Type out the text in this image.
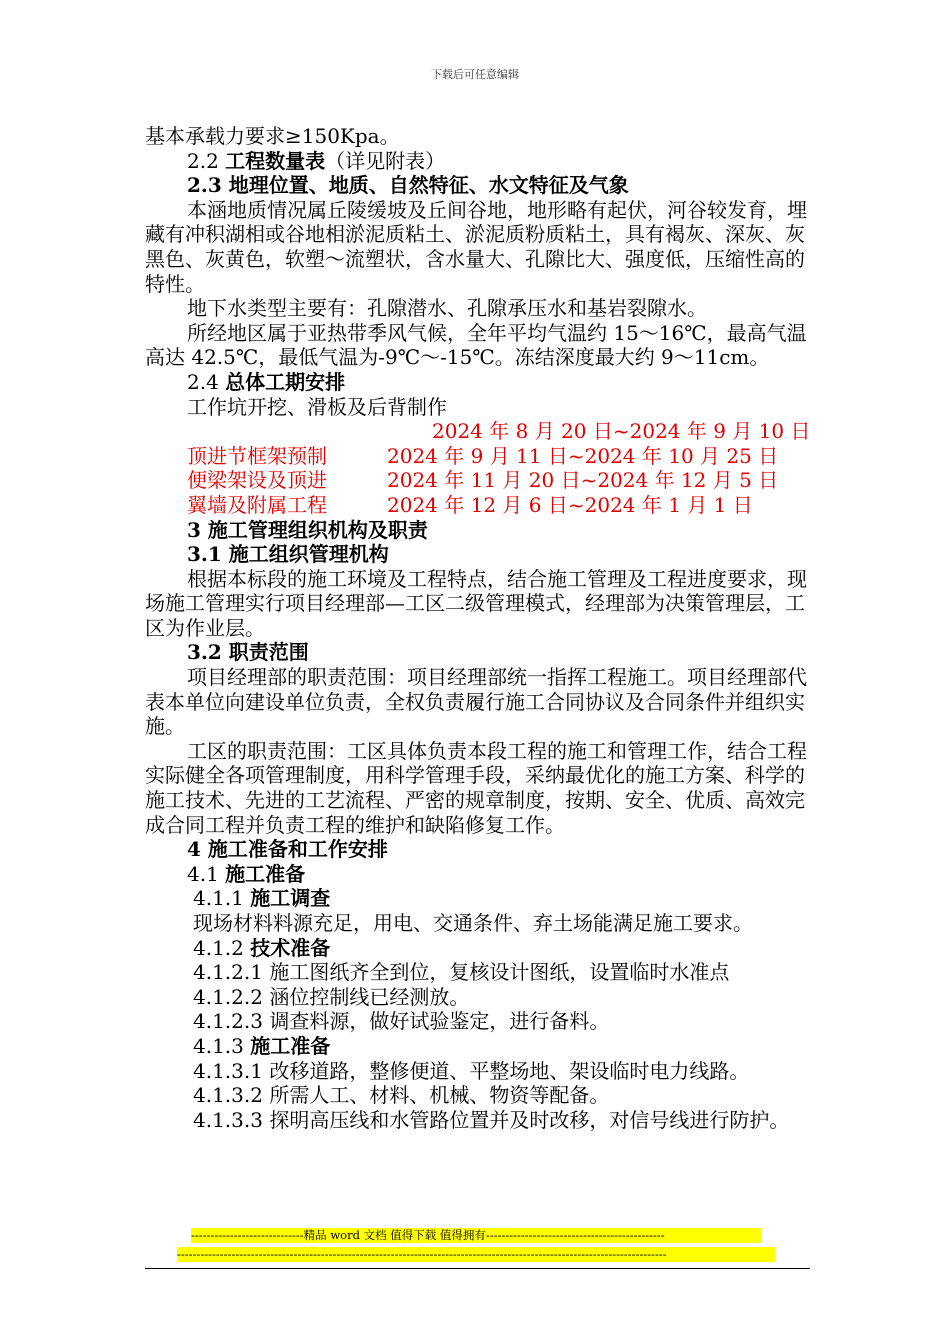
下载后可任意编辑

基本承载力要求≥150Kpa。

2.2 工程数量表（详见附表）

2.3 地理位置、地质、自然特征、水文特征及气象

本涵地质情况属丘陵缓坡及丘间谷地，地形略有起伏，河谷较发育，埋藏有冲积湖相或谷地相淤泥质粘土、淤泥质粉质粘土，具有褐灰、深灰、灰黑色、灰黄色，软塑～流塑状，含水量大、孔隙比大、强度低，压缩性高的特性。

地下水类型主要有：孔隙潜水、孔隙承压水和基岩裂隙水。

所经地区属于亚热带季风气候，全年平均气温约 15～16℃，最高气温高达 42.5℃，最低气温为-9℃～-15℃。冻结深度最大约 9～11cm。

2.4 总体工期安排

工作坑开挖、滑板及后背制作

2024 年 8 月 20 日~2024 年 9 月 10 日

顶进节框架预制	2024 年 9 月 11 日~2024 年 10 月 25 日
便梁架设及顶进	2024 年 11 月 20 日~2024 年 12 月 5 日
翼墙及附属工程	2024 年 12 月 6 日~2024 年 1 月 1 日

3 施工管理组织机构及职责

3.1 施工组织管理机构

根据本标段的施工环境及工程特点，结合施工管理及工程进度要求，现场施工管理实行项目经理部—工区二级管理模式，经理部为决策管理层，工区为作业层。

3.2 职责范围

项目经理部的职责范围：项目经理部统一指挥工程施工。项目经理部代表本单位向建设单位负责，全权负责履行施工合同协议及合同条件并组织实施。

工区的职责范围：工区具体负责本段工程的施工和管理工作，结合工程实际健全各项管理制度，用科学管理手段，采纳最优化的施工方案、科学的施工技术、先进的工艺流程、严密的规章制度，按期、安全、优质、高效完成合同工程并负责工程的维护和缺陷修复工作。

4 施工准备和工作安排

4.1 施工准备

4.1.1 施工调查

现场材料料源充足，用电、交通条件、弃土场能满足施工要求。

4.1.2 技术准备

4.1.2.1 施工图纸齐全到位，复核设计图纸，设置临时水准点

4.1.2.2 涵位控制线已经测放。

4.1.2.3 调查料源，做好试验鉴定，进行备料。

4.1.3 施工准备

4.1.3.1 改移道路，整修便道、平整场地、架设临时电力线路。

4.1.3.2 所需人工、材料、机械、物资等配备。

4.1.3.3 探明高压线和水管路位置并及时改移，对信号线进行防护。

-----------------------------精品 word 文档 值得下载 值得拥有----------------------------------------------
------------------------------------------------------------------------------------------------------------------------------
